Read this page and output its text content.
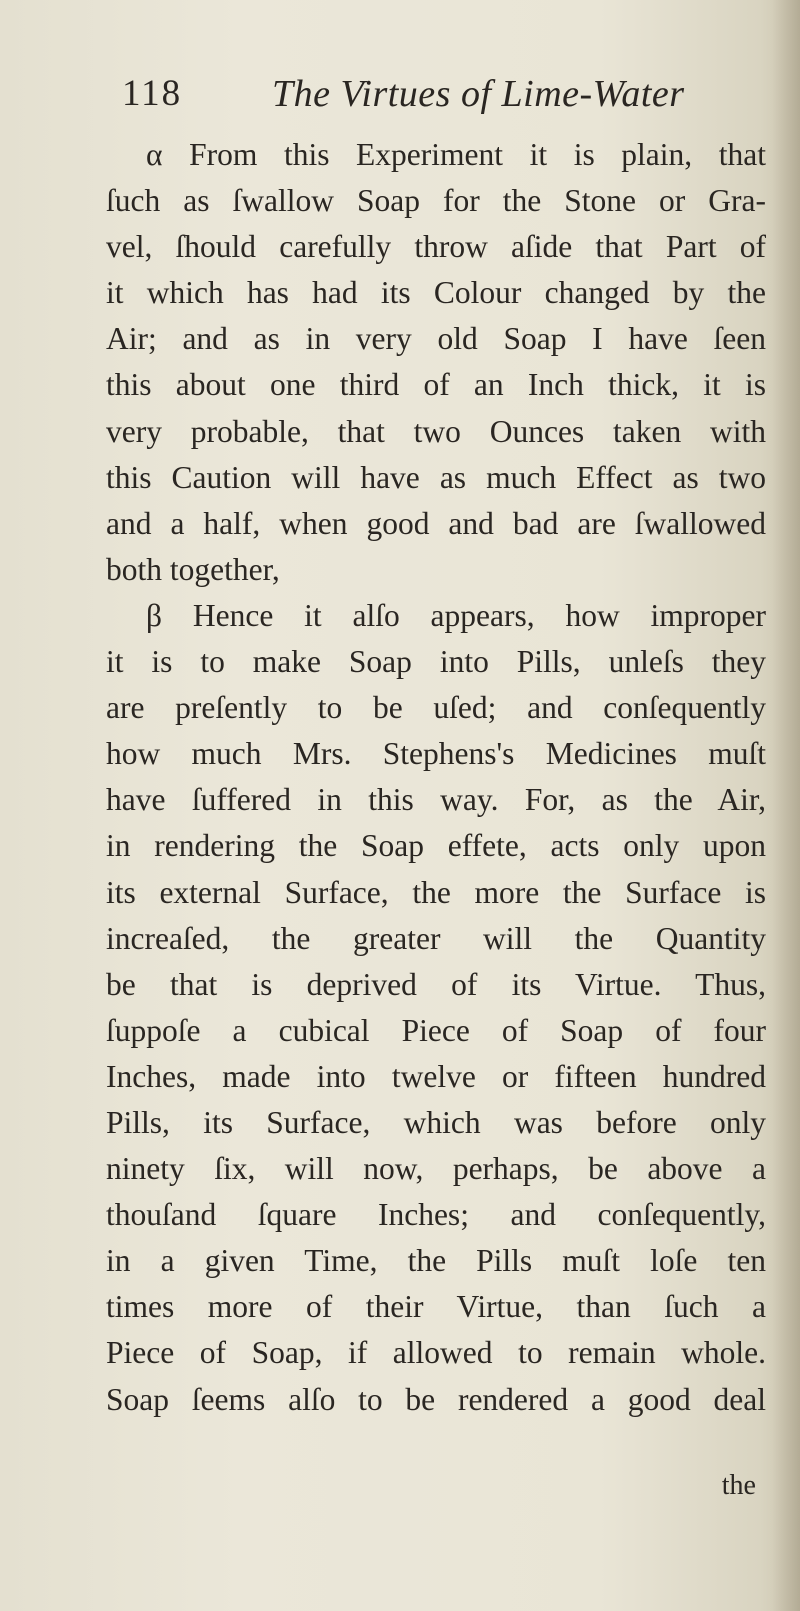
118 The Virtues of Lime-Water
α From this Experiment it is plain, that
ſuch as ſwallow Soap for the Stone or Gra-
vel, ſhould carefully throw aſide that Part of
it which has had its Colour changed by the
Air; and as in very old Soap I have ſeen
this about one third of an Inch thick, it is
very probable, that two Ounces taken with
this Caution will have as much Effect as two
and a half, when good and bad are ſwallowed
both together,
β Hence it alſo appears, how improper
it is to make Soap into Pills, unleſs they
are preſently to be uſed; and conſequently
how much Mrs. Stephens's Medicines muſt
have ſuffered in this way. For, as the Air,
in rendering the Soap effete, acts only upon
its external Surface, the more the Surface is
increaſed, the greater will the Quantity
be that is deprived of its Virtue. Thus,
ſuppoſe a cubical Piece of Soap of four
Inches, made into twelve or fifteen hundred
Pills, its Surface, which was before only
ninety ſix, will now, perhaps, be above a
thouſand ſquare Inches; and conſequently,
in a given Time, the Pills muſt loſe ten
times more of their Virtue, than ſuch a
Piece of Soap, if allowed to remain whole.
Soap ſeems alſo to be rendered a good deal
the
